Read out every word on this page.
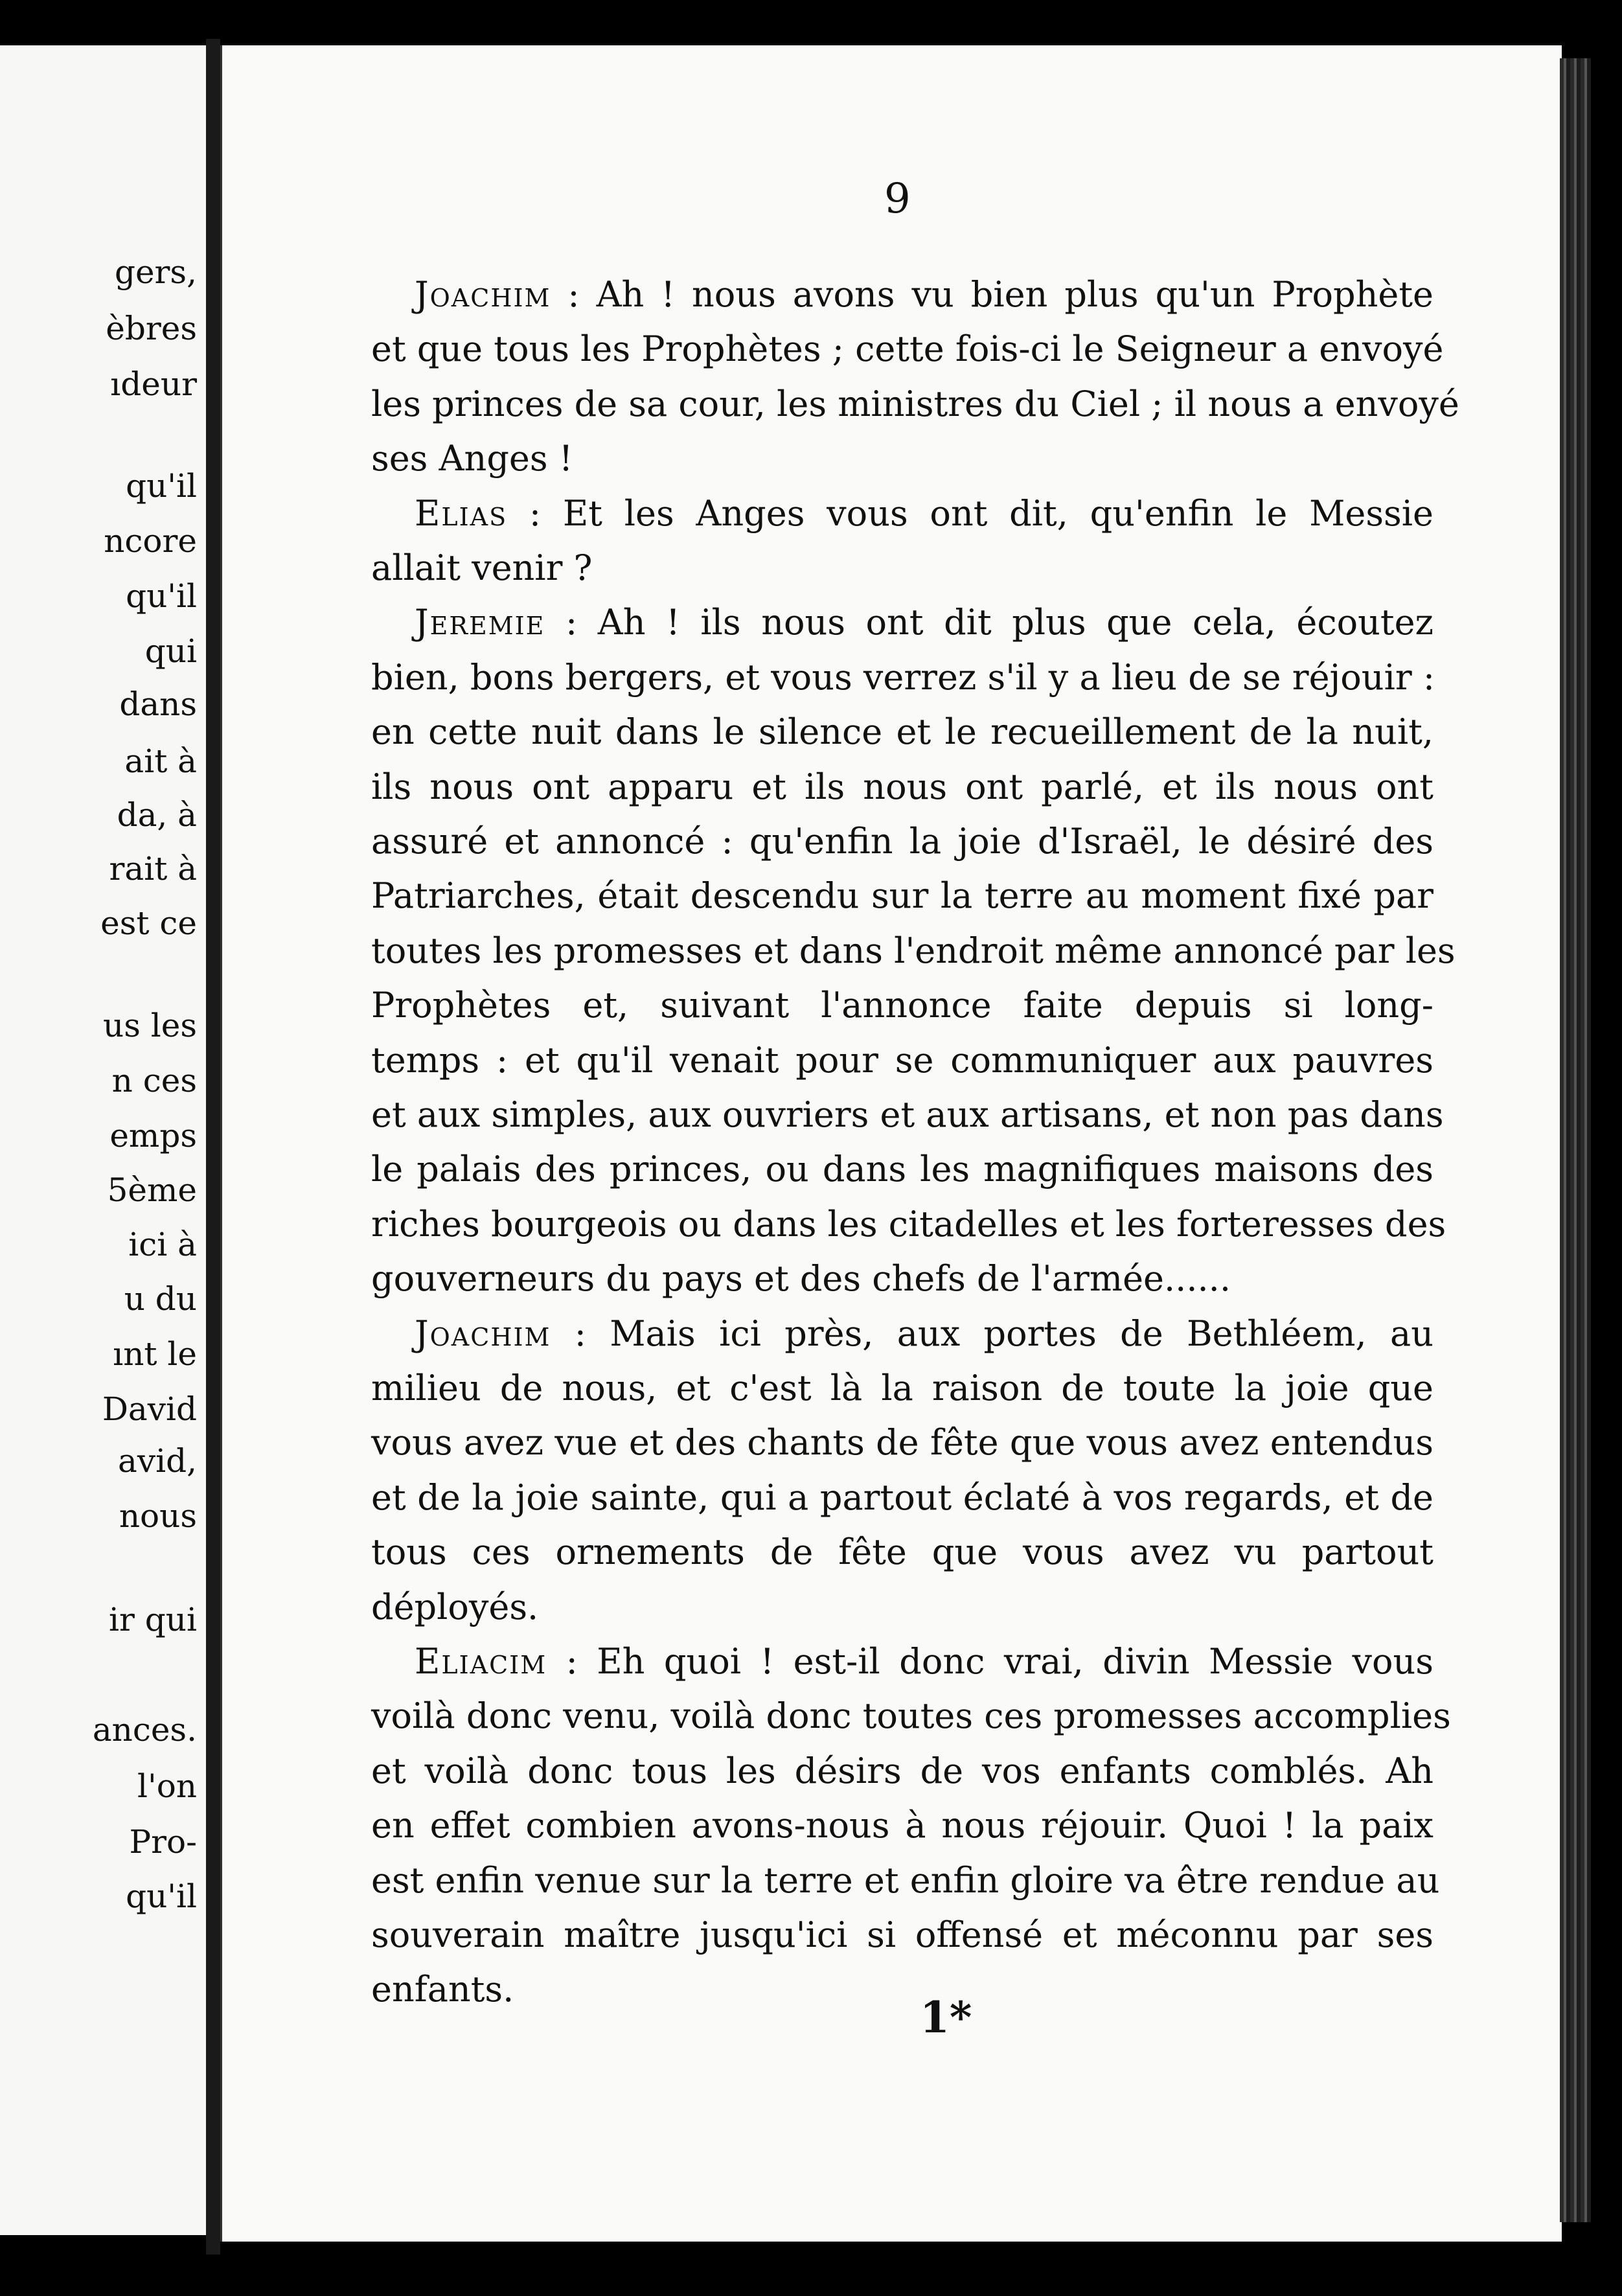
gers,
èbres
ıdeur
qu'il
ncore
qu'il
qui
dans
ait à
da, à
rait à
est ce
us les
n ces
emps
5ème
ici à
u du
ınt le
David
avid,
nous
ir qui
ances.
l'on
Pro-
qu'il
9
Joachim : Ah ! nous avons vu bien plus qu'un Prophète
et que tous les Prophètes ; cette fois-ci le Seigneur a envoyé
les princes de sa cour, les ministres du Ciel ; il nous a envoyé
ses Anges !
Elias : Et les Anges vous ont dit, qu'enfin le Messie
allait venir ?
Jeremie : Ah ! ils nous ont dit plus que cela, écoutez
bien, bons bergers, et vous verrez s'il y a lieu de se réjouir :
en cette nuit dans le silence et le recueillement de la nuit,
ils nous ont apparu et ils nous ont parlé, et ils nous ont
assuré et annoncé : qu'enfin la joie d'Israël, le désiré des
Patriarches, était descendu sur la terre au moment fixé par
toutes les promesses et dans l'endroit même annoncé par les
Prophètes et, suivant l'annonce faite depuis si long-
temps : et qu'il venait pour se communiquer aux pauvres
et aux simples, aux ouvriers et aux artisans, et non pas dans
le palais des princes, ou dans les magnifiques maisons des
riches bourgeois ou dans les citadelles et les forteresses des
gouverneurs du pays et des chefs de l'armée......
Joachim : Mais ici près, aux portes de Bethléem, au
milieu de nous, et c'est là la raison de toute la joie que
vous avez vue et des chants de fête que vous avez entendus
et de la joie sainte, qui a partout éclaté à vos regards, et de
tous ces ornements de fête que vous avez vu partout
déployés.
Eliacim : Eh quoi ! est-il donc vrai, divin Messie vous
voilà donc venu, voilà donc toutes ces promesses accomplies
et voilà donc tous les désirs de vos enfants comblés. Ah
en effet combien avons-nous à nous réjouir. Quoi ! la paix
est enfin venue sur la terre et enfin gloire va être rendue au
souverain maître jusqu'ici si offensé et méconnu par ses
enfants.
1*
